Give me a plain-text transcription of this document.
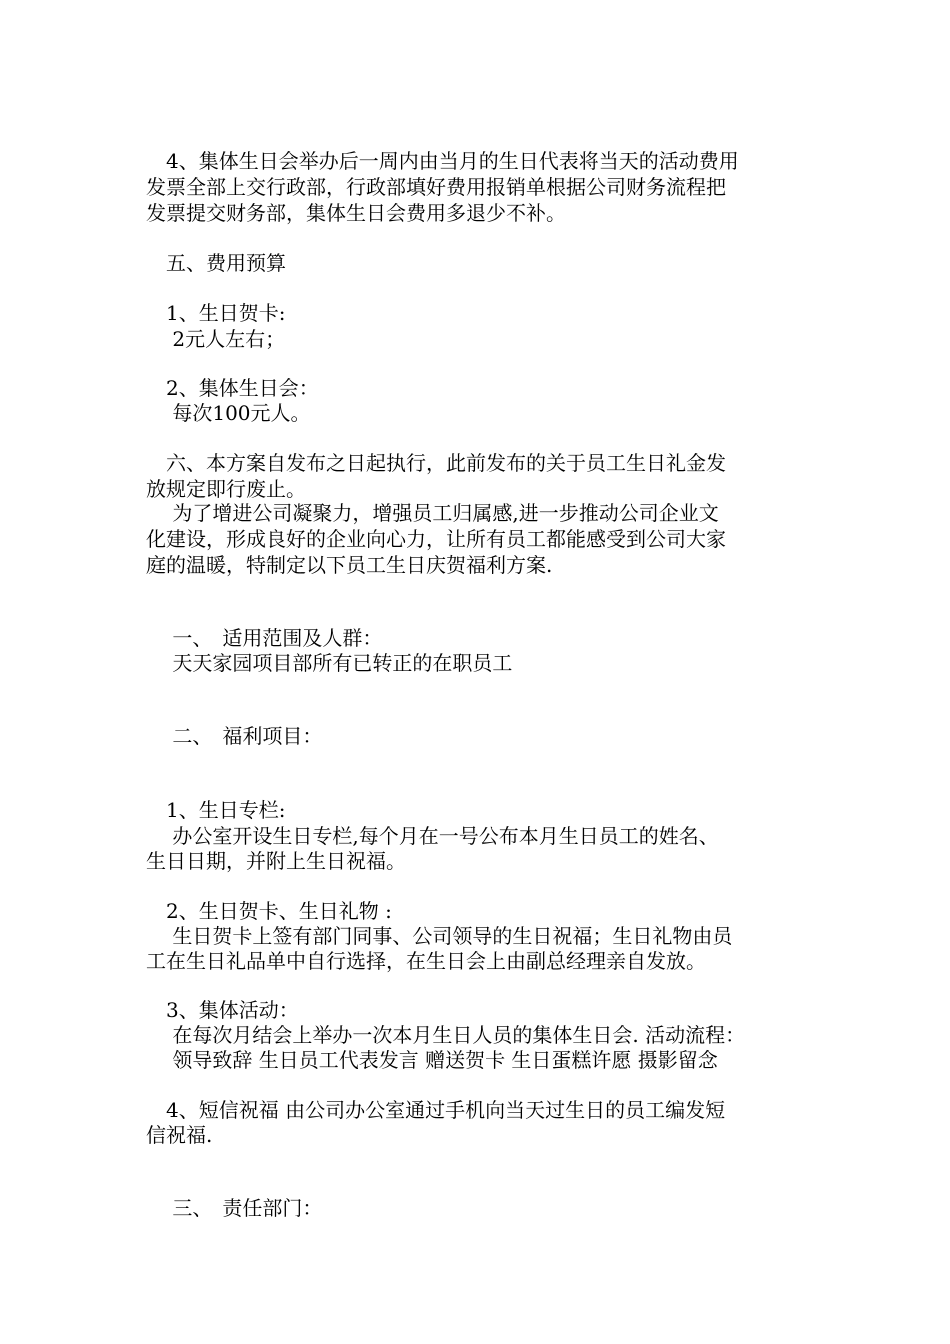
　4、集体生日会举办后一周内由当月的生日代表将当天的活动费用
发票全部上交行政部，行政部填好费用报销单根据公司财务流程把
发票提交财务部，集体生日会费用多退少不补。
　五、费用预算
　1、生日贺卡:
　 2元人左右；
　2、集体生日会：
　 每次100元人。
　六、本方案自发布之日起执行，此前发布的关于员工生日礼金发
放规定即行废止。
　 为了增进公司凝聚力，增强员工归属感,进一步推动公司企业文
化建设，形成良好的企业向心力，让所有员工都能感受到公司大家
庭的温暖，特制定以下员工生日庆贺福利方案.
　 一、　适用范围及人群：
　 天天家园项目部所有已转正的在职员工
　 二、　福利项目：
　1、生日专栏:
　 办公室开设生日专栏,每个月在一号公布本月生日员工的姓名、
生日日期，并附上生日祝福。
　2、生日贺卡、生日礼物 :
　 生日贺卡上签有部门同事、公司领导的生日祝福；生日礼物由员
工在生日礼品单中自行选择，在生日会上由副总经理亲自发放。
　3、集体活动：
　 在每次月结会上举办一次本月生日人员的集体生日会. 活动流程：
　 领导致辞 生日员工代表发言 赠送贺卡 生日蛋糕许愿 摄影留念
　4、短信祝福 由公司办公室通过手机向当天过生日的员工编发短
信祝福.
　 三、　责任部门：
